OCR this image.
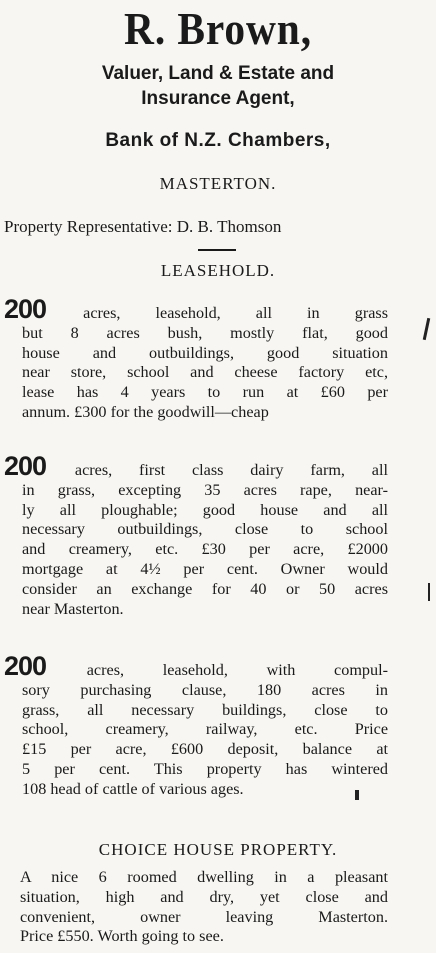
R. Brown,
Valuer, Land & Estate and
Insurance Agent,
Bank of N.Z. Chambers,
MASTERTON.
Property Representative: D. B. Thomson
LEASEHOLD.
200 acres, leasehold, all in grass
but 8 acres bush, mostly flat, good
house and outbuildings, good situation
near store, school and cheese factory etc,
lease has 4 years to run at £60 per
annum. £300 for the goodwill—cheap
200 acres, first class dairy farm, all
in grass, excepting 35 acres rape, near-
ly all ploughable; good house and all
necessary outbuildings, close to school
and creamery, etc. £30 per acre, £2000
mortgage at 4½ per cent. Owner would
consider an exchange for 40 or 50 acres
near Masterton.
200	acres, leasehold, with compul-
sory purchasing clause, 180 acres in
grass, all necessary buildings, close to
school, creamery, railway, etc. Price
£15 per acre, £600 deposit, balance at
5 per cent. This property has wintered
108 head of cattle of various ages.
CHOICE HOUSE PROPERTY.
A nice 6 roomed dwelling in a pleasant
situation, high and dry, yet close and
convenient, owner leaving Masterton.
Price £550. Worth going to see.
